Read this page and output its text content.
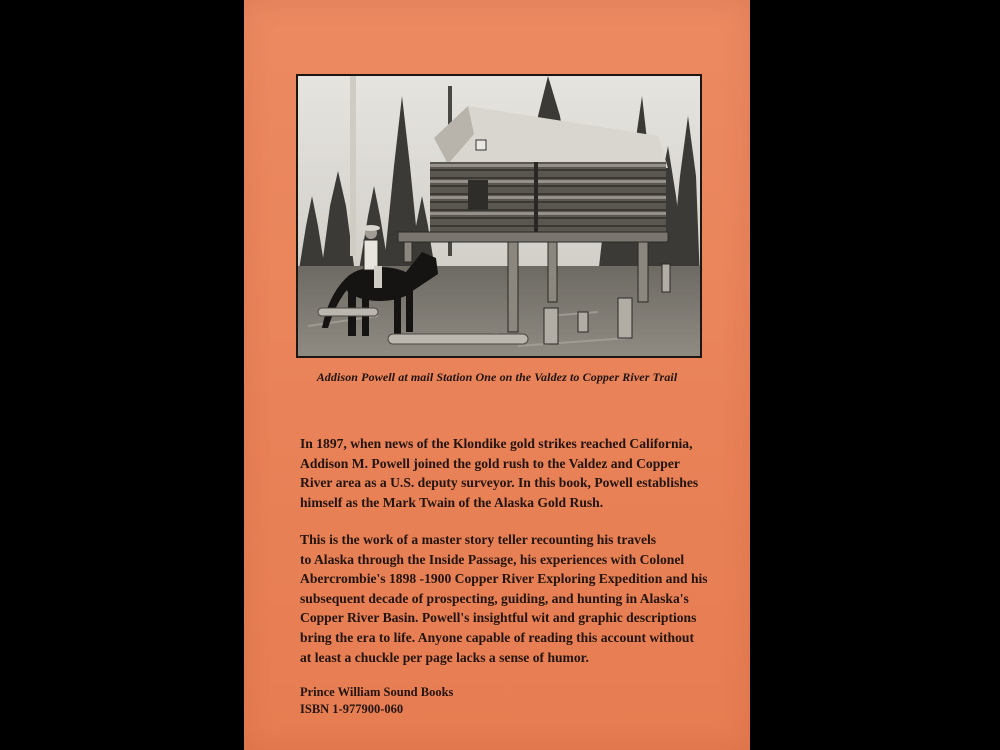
Addison Powell at mail Station One on the Valdez to Copper River Trail

In 1897, when news of the Klondike gold strikes reached California,
Addison M. Powell joined the gold rush to the Valdez and Copper
River area as a U.S. deputy surveyor. In this book, Powell establishes
himself as the Mark Twain of the Alaska Gold Rush.

This is the work of a master story teller recounting his travels
to Alaska through the Inside Passage, his experiences with Colonel
Abercrombie's 1898 -1900 Copper River Exploring Expedition and his
subsequent decade of prospecting, guiding, and hunting in Alaska's
Copper River Basin. Powell's insightful wit and graphic descriptions
bring the era to life. Anyone capable of reading this account without
at least a chuckle per page lacks a sense of humor.

Prince William Sound Books
ISBN 1-977900-060
